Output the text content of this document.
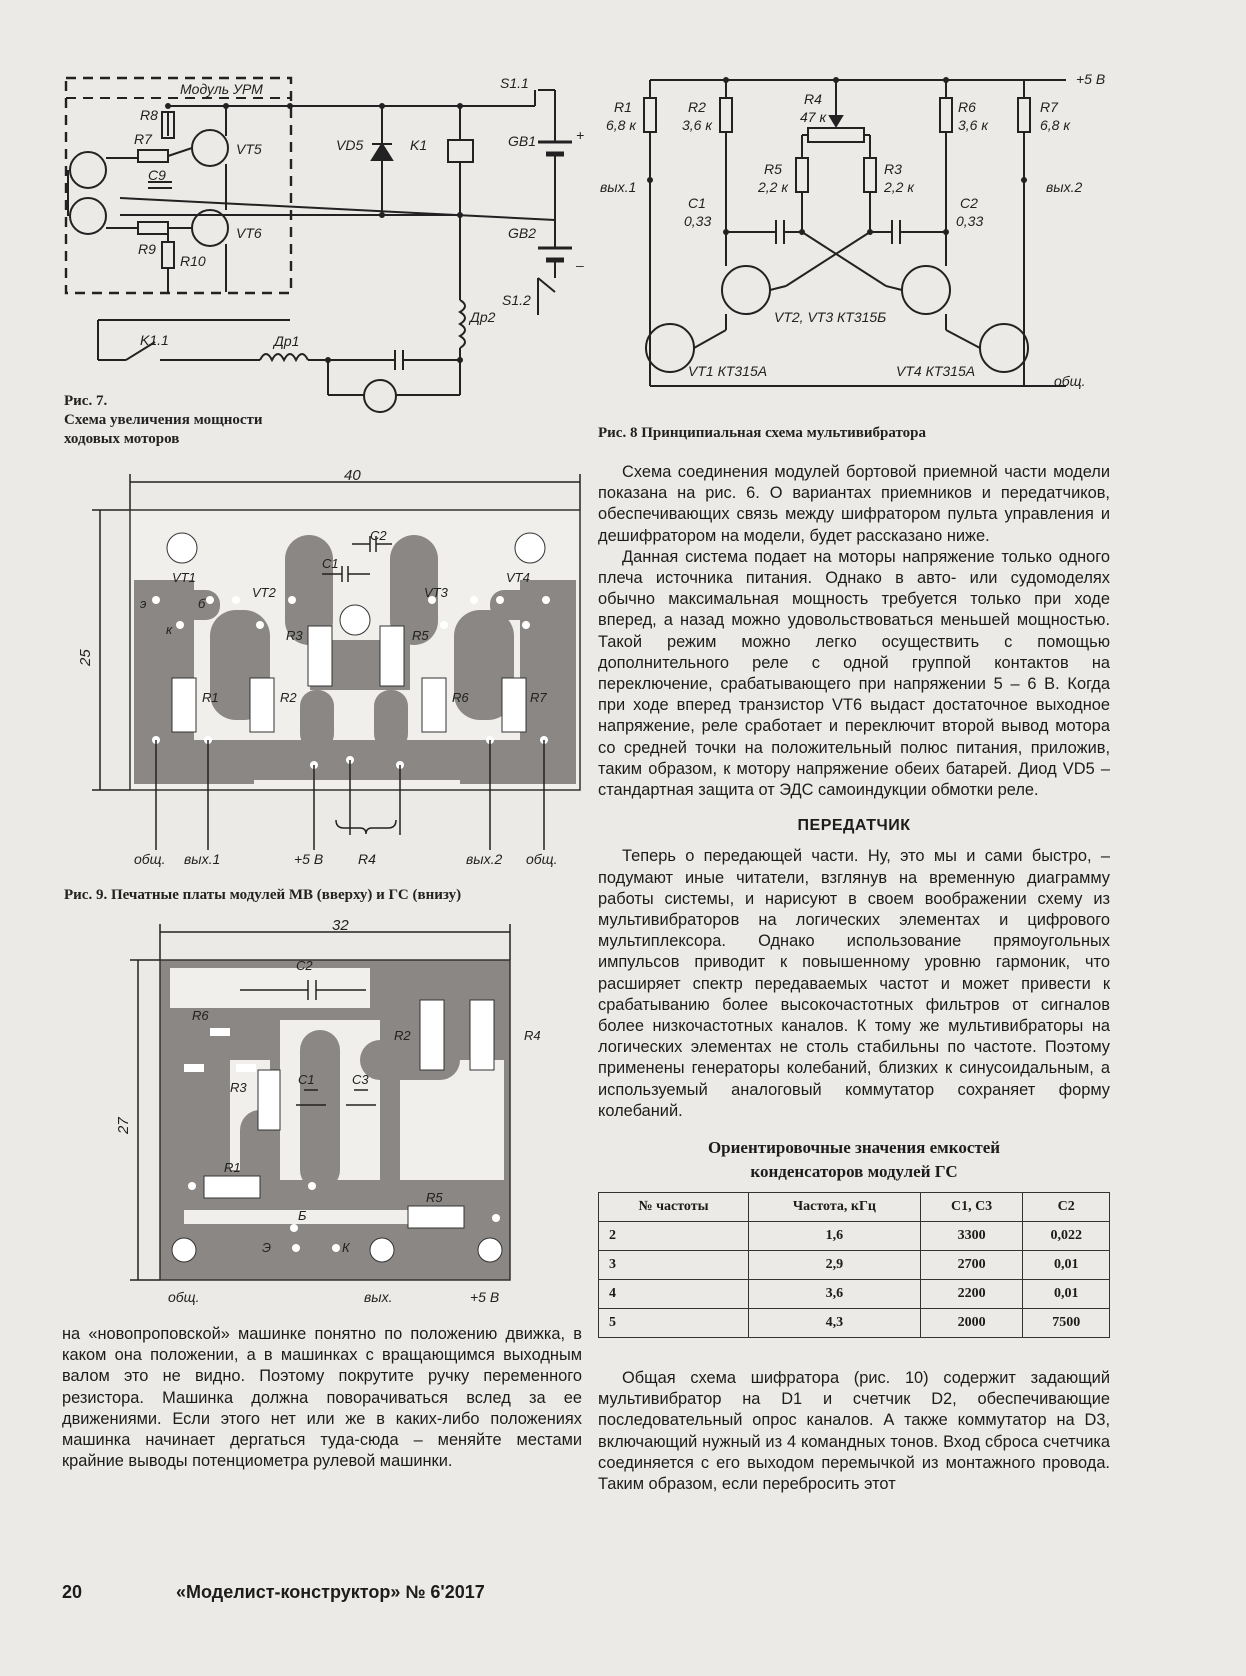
Модуль УРМ
R8
R7
VT5
C9
R9
R10
VT6
VD5	K1
S1.1
GB1	+
GB2
–
S1.2
Др2
K1.1	Др1
Рис. 7.
Схема увеличения мощности
ходовых моторов
+5 В
R1
6,8 к
R2
3,6 к
R4
47 к
R6
3,6 к
R7
6,8 к
R5
2,2 к
R3
2,2 к
C1
0,33
C2
0,33
вых.1	вых.2
VT2, VT3 КТ315Б
VT1 КТ315А	VT4 КТ315А
общ.
Рис. 8 Принципиальная схема мультивибратора
40
25
C2
C1
VT1
VT2	VT3
VT4
э	б
к
R1	R2
R3	R5
R6	R7
общ. вых.1	+5 В R4	вых.2 общ.
Рис. 9. Печатные платы модулей МВ (вверху) и ГС (внизу)
32
27
C2
R6
R2	R4
R3
C1	C3
R1
R5
Б
Э	К
общ.	вых.	+5 В

на «новопроповской» машинке понятно по положению движка, в каком она положении, а в машинках с вращающимся выходным валом это не видно. Поэтому покрутите ручку переменного резистора. Машинка должна поворачиваться вслед за ее движениями. Если этого нет или же в каких-либо положениях машинка начинает дергаться туда-сюда – меняйте местами крайние выводы потенциометра рулевой машинки.

Схема соединения модулей бортовой приемной части модели показана на рис. 6. О вариантах приемников и передатчиков, обеспечивающих связь между шифратором пульта управления и дешифратором на модели, будет рассказано ниже.

Данная система подает на моторы напряжение только одного плеча источника питания. Однако в авто- или судомоделях обычно максимальная мощность требуется только при ходе вперед, а назад можно удовольствоваться меньшей мощностью. Такой режим можно легко осуществить с помощью дополнительного реле с одной группой контактов на переключение, срабатывающего при напряжении 5 – 6 В. Когда при ходе вперед транзистор VT6 выдаст достаточное выходное напряжение, реле сработает и переключит второй вывод мотора со средней точки на положительный полюс питания, приложив, таким образом, к мотору напряжение обеих батарей. Диод VD5 – стандартная защита от ЭДС самоиндукции обмотки реле.

ПЕРЕДАТЧИК

Теперь о передающей части. Ну, это мы и сами быстро, – подумают иные читатели, взглянув на временную диаграмму работы системы, и нарисуют в своем воображении схему из мультивибраторов на логических элементах и цифрового мультиплексора. Однако использование прямоугольных импульсов приводит к повышенному уровню гармоник, что расширяет спектр передаваемых частот и может привести к срабатыванию более высокочастотных фильтров от сигналов более низкочастотных каналов. К тому же мультивибраторы на логических элементах не столь стабильны по частоте. Поэтому применены генераторы колебаний, близких к синусоидальным, а используемый аналоговый коммутатор сохраняет форму колебаний.

Ориентировочные значения емкостей
конденсаторов модулей ГС
№ частоты	Частота, кГц	C1, C3	C2
2	1,6	3300	0,022
3	2,9	2700	0,01
4	3,6	2200	0,01
5	4,3	2000	7500

Общая схема шифратора (рис. 10) содержит задающий мультивибратор на D1 и счетчик D2, обеспечивающие последовательный опрос каналов. А также коммутатор на D3, включающий нужный из 4 командных тонов. Вход сброса счетчика соединяется с его выходом перемычкой из монтажного провода. Таким образом, если перебросить этот

20	«Моделист-конструктор» № 6'2017
